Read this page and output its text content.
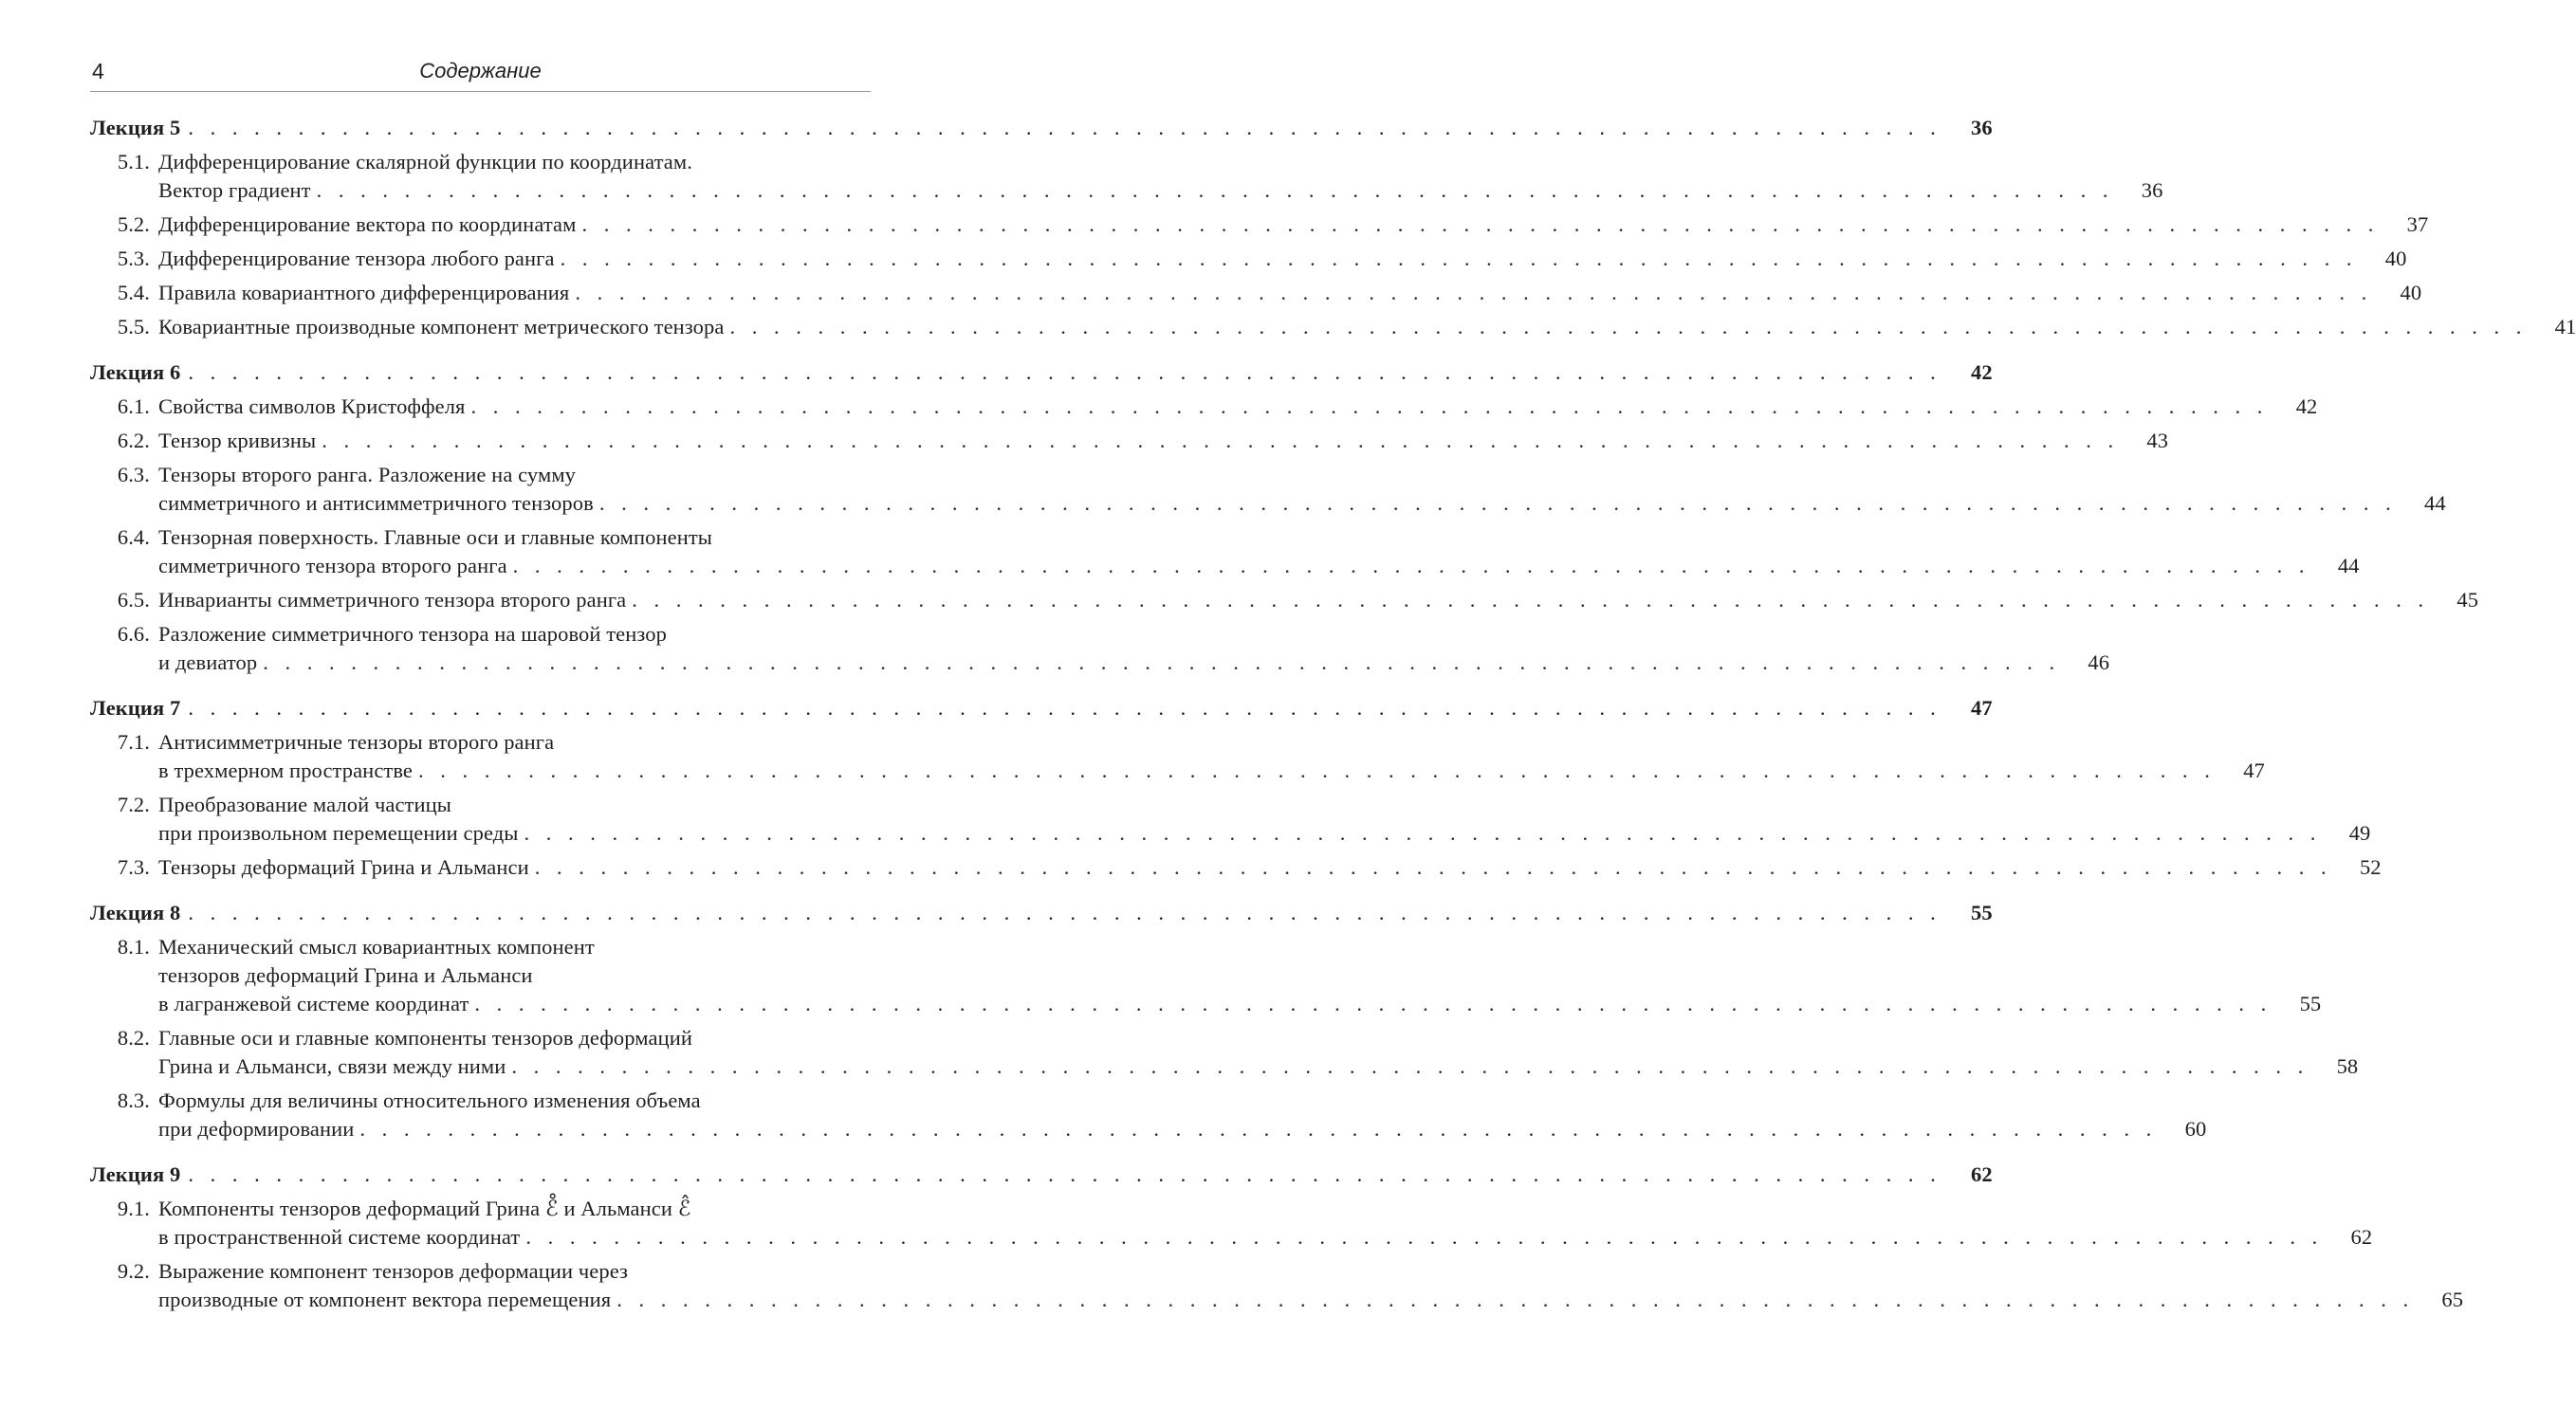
4	Содержание
Лекция 5 . . .	36
5.1. Дифференцирование скалярной функции по координатам.
Вектор градиент . . .	36
5.2. Дифференцирование вектора по координатам . . .	37
5.3. Дифференцирование тензора любого ранга . . .	40
5.4. Правила ковариантного дифференцирования . . .	40
5.5. Ковариантные производные компонент метрического тензора . . .	41
Лекция 6 . . .	42
6.1. Свойства символов Кристоффеля . . .	42
6.2. Тензор кривизны . . .	43
6.3. Тензоры второго ранга. Разложение на сумму
симметричного и антисимметричного тензоров . . .	44
6.4. Тензорная поверхность. Главные оси и главные компоненты
симметричного тензора второго ранга . . .	44
6.5. Инварианты симметричного тензора второго ранга . . .	45
6.6. Разложение симметричного тензора на шаровой тензор
и девиатор . . .	46
Лекция 7 . . .	47
7.1. Антисимметричные тензоры второго ранга
в трехмерном пространстве . . .	47
7.2. Преобразование малой частицы
при произвольном перемещении среды . . .	49
7.3. Тензоры деформаций Грина и Альманси . . .	52
Лекция 8 . . .	55
8.1. Механический смысл ковариантных компонент
тензоров деформаций Грина и Альманси
в лагранжевой системе координат . . .	55
8.2. Главные оси и главные компоненты тензоров деформаций
Грина и Альманси, связи между ними . . .	58
8.3. Формулы для величины относительного изменения объема
при деформировании . . .	60
Лекция 9 . . .	62
9.1. Компоненты тензоров деформаций Грина ℰ̊ и Альманси ℰ̂
в пространственной системе координат . . .	62
9.2. Выражение компонент тензоров деформации через
производные от компонент вектора перемещения . . .	65
